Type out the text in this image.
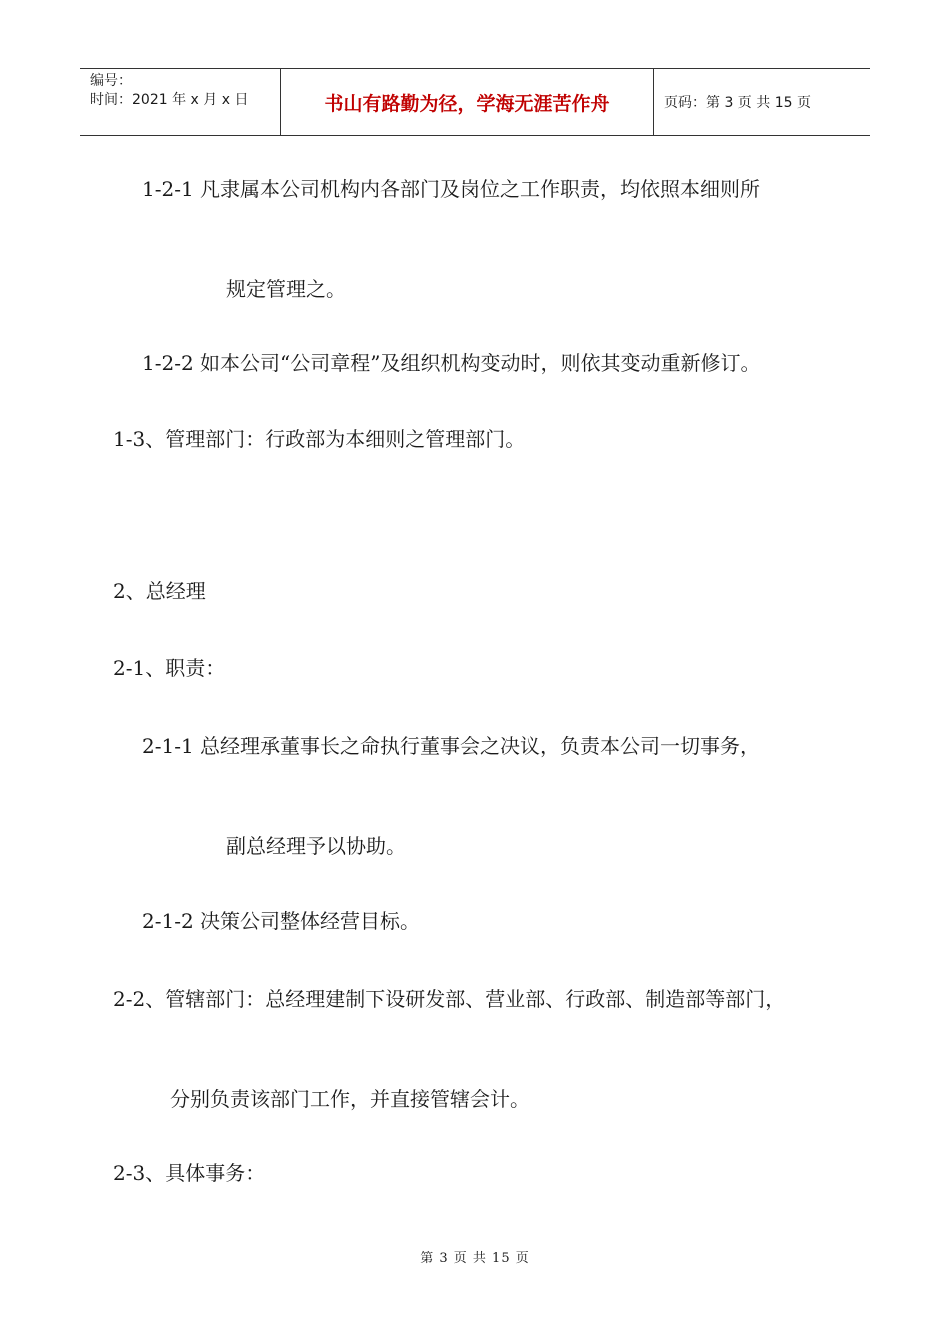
编号：
时间：2021 年 x 月 x 日	书山有路勤为径，学海无涯苦作舟	页码：第 3 页 共 15 页
1-2-1 凡隶属本公司机构内各部门及岗位之工作职责，均依照本细则所
规定管理之。
1-2-2 如本公司“公司章程”及组织机构变动时，则依其变动重新修订。
1-3、管理部门：行政部为本细则之管理部门。
2、总经理
2-1、职责：
2-1-1 总经理承董事长之命执行董事会之决议，负责本公司一切事务，
副总经理予以协助。
2-1-2 决策公司整体经营目标。
2-2、管辖部门：总经理建制下设研发部、营业部、行政部、制造部等部门，
分别负责该部门工作，并直接管辖会计。
2-3、具体事务：
第 3 页 共 15 页
